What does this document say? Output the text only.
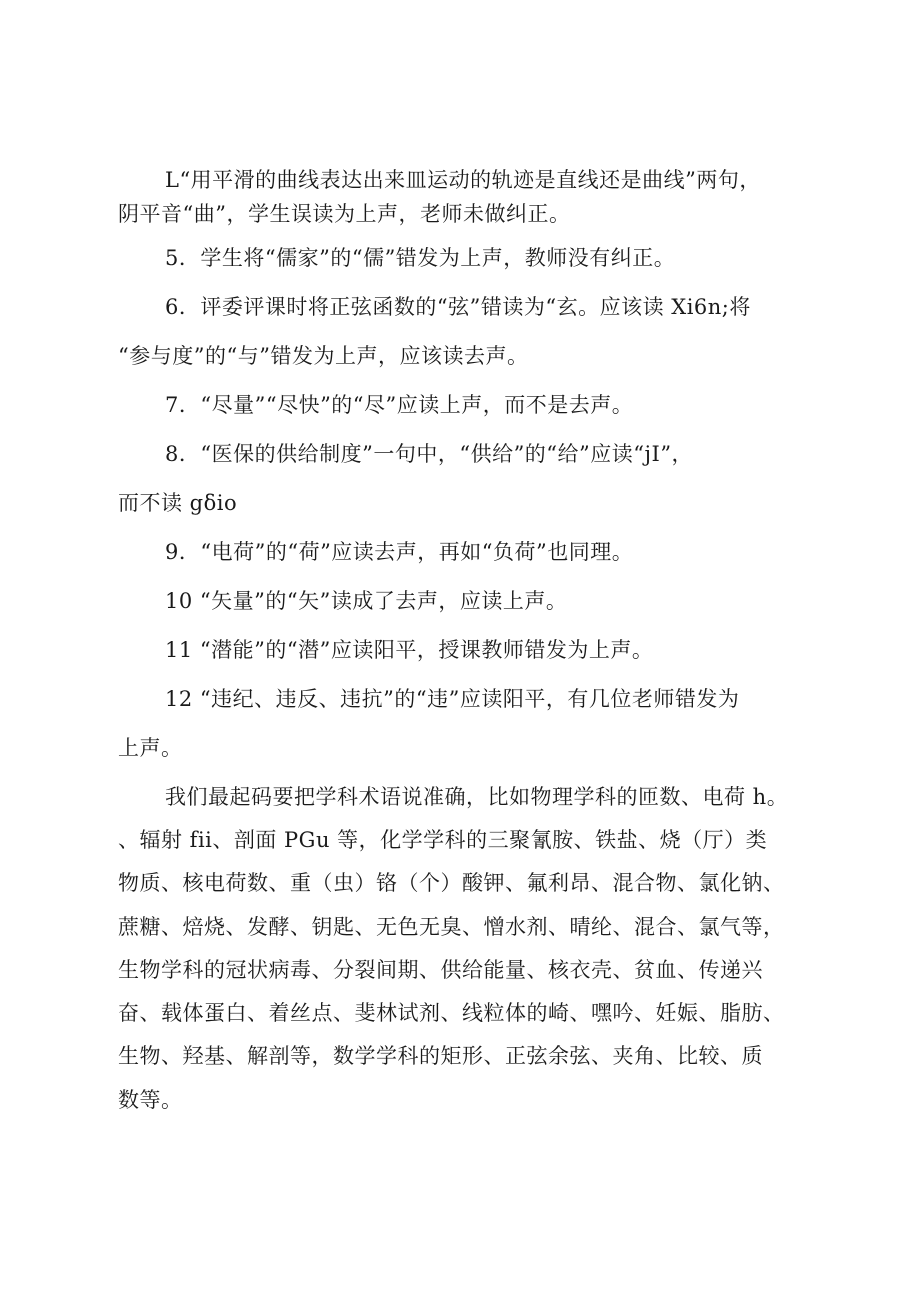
L“用平滑的曲线表达出来皿运动的轨迹是直线还是曲线”两句，
阴平音“曲”，学生误读为上声，老师未做纠正。
5．学生将“儒家”的“儒”错发为上声，教师没有纠正。
6．评委评课时将正弦函数的“弦”错读为“玄。应该读 Xi6n;将
“参与度”的“与”错发为上声，应该读去声。
7．“尽量”“尽快”的“尽”应读上声，而不是去声。
8．“医保的供给制度”一句中，“供给”的“给”应读“jI”，
而不读 gδio
9．“电荷”的“荷”应读去声，再如“负荷”也同理。
10 “矢量”的“矢”读成了去声，应读上声。
11 “潜能”的“潜”应读阳平，授课教师错发为上声。
12 “违纪、违反、违抗”的“违”应读阳平，有几位老师错发为
上声。
我们最起码要把学科术语说准确，比如物理学科的匝数、电荷 h。
、辐射 fii、剖面 PGu 等，化学学科的三聚氰胺、铁盐、烧（厅）类
物质、核电荷数、重（虫）铬（个）酸钾、氟利昂、混合物、氯化钠、
蔗糖、焙烧、发酵、钥匙、无色无臭、憎水剂、晴纶、混合、氯气等，
生物学科的冠状病毒、分裂间期、供给能量、核衣壳、贫血、传递兴
奋、载体蛋白、着丝点、斐林试剂、线粒体的崎、嘿吟、妊娠、脂肪、
生物、羟基、解剖等，数学学科的矩形、正弦余弦、夹角、比较、质
数等。
